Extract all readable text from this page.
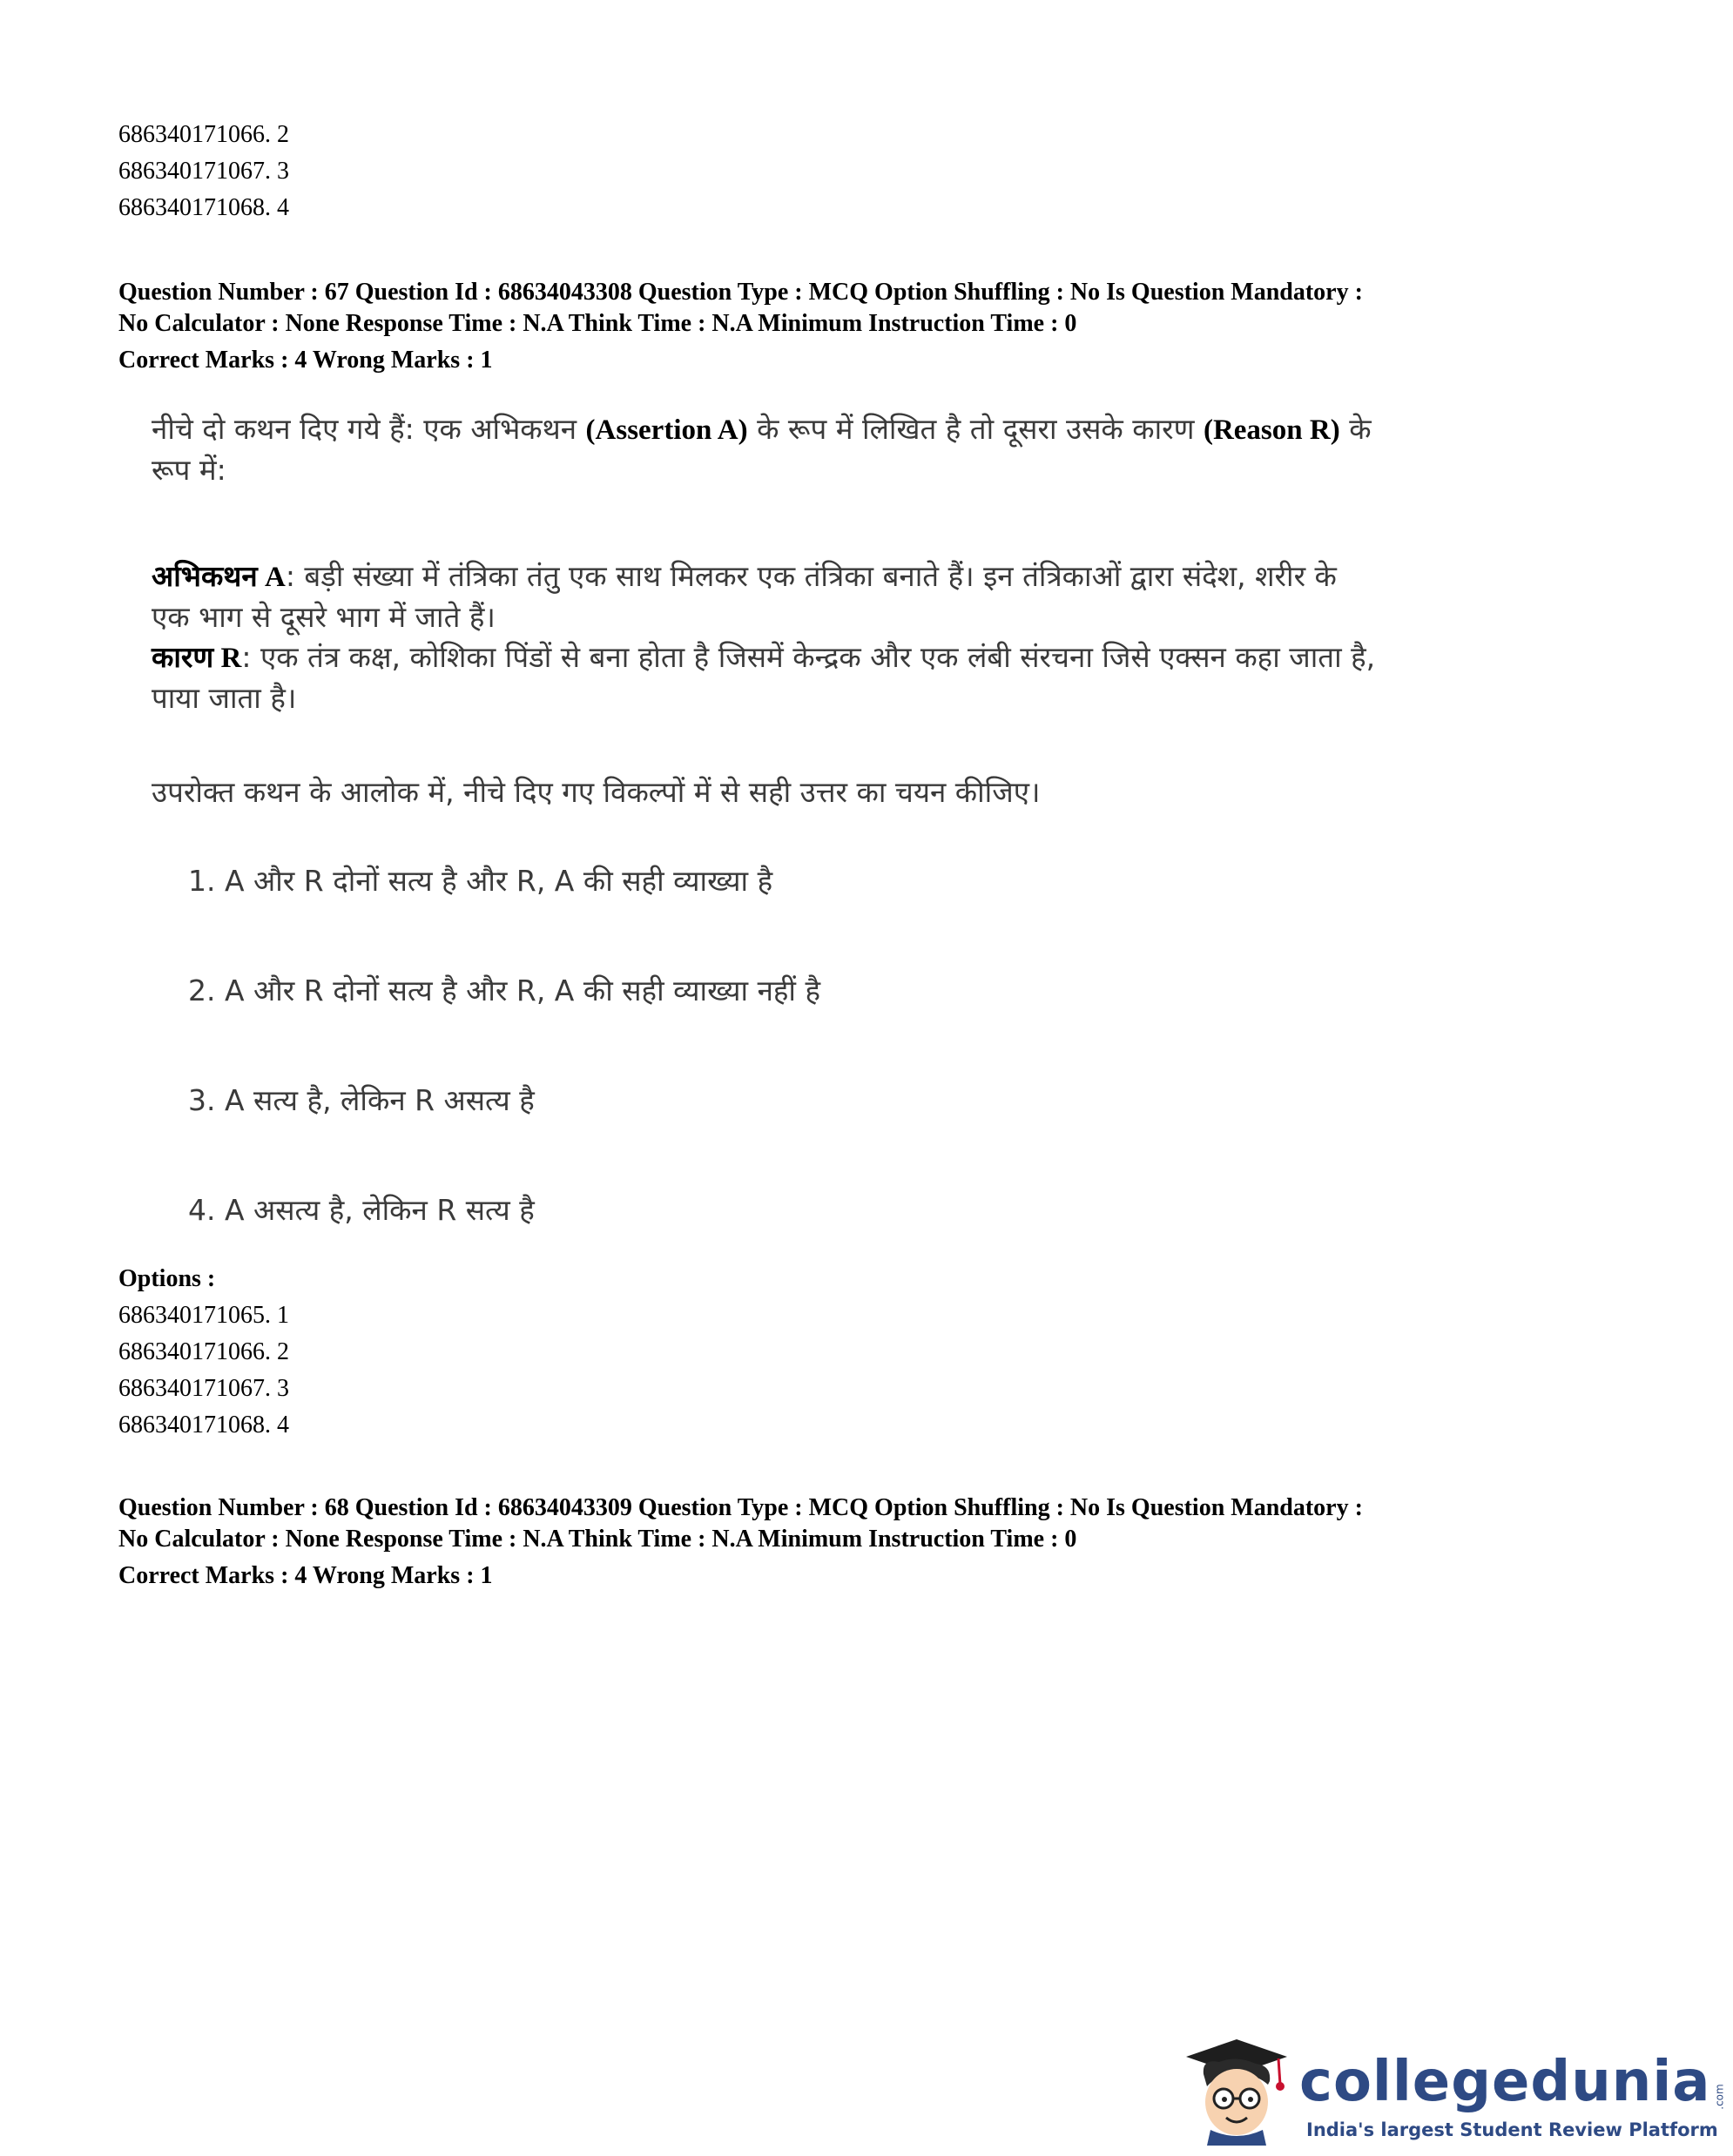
686340171066. 2
686340171067. 3
686340171068. 4
Question Number : 67 Question Id : 68634043308 Question Type : MCQ Option Shuffling : No Is Question Mandatory :
No Calculator : None Response Time : N.A Think Time : N.A Minimum Instruction Time : 0
Correct Marks : 4 Wrong Marks : 1
नीचे दो कथन दिए गये हैं: एक अभिकथन (Assertion A) के रूप में लिखित है तो दूसरा उसके कारण (Reason R) के
रूप में:
अभिकथन A: बड़ी संख्या में तंत्रिका तंतु एक साथ मिलकर एक तंत्रिका बनाते हैं। इन तंत्रिकाओं द्वारा संदेश, शरीर के
एक भाग से दूसरे भाग में जाते हैं।
कारण R: एक तंत्र कक्ष, कोशिका पिंडों से बना होता है जिसमें केन्द्रक और एक लंबी संरचना जिसे एक्सन कहा जाता है,
पाया जाता है।
उपरोक्त कथन के आलोक में, नीचे दिए गए विकल्पों में से सही उत्तर का चयन कीजिए।
1. A और R दोनों सत्य है और R, A की सही व्याख्या है
2. A और R दोनों सत्य है और R, A की सही व्याख्या नहीं है
3. A सत्य है, लेकिन R असत्य है
4. A असत्य है, लेकिन R सत्य है
Options :
686340171065. 1
686340171066. 2
686340171067. 3
686340171068. 4
Question Number : 68 Question Id : 68634043309 Question Type : MCQ Option Shuffling : No Is Question Mandatory :
No Calculator : None Response Time : N.A Think Time : N.A Minimum Instruction Time : 0
Correct Marks : 4 Wrong Marks : 1
collegedunia .com
India's largest Student Review Platform
